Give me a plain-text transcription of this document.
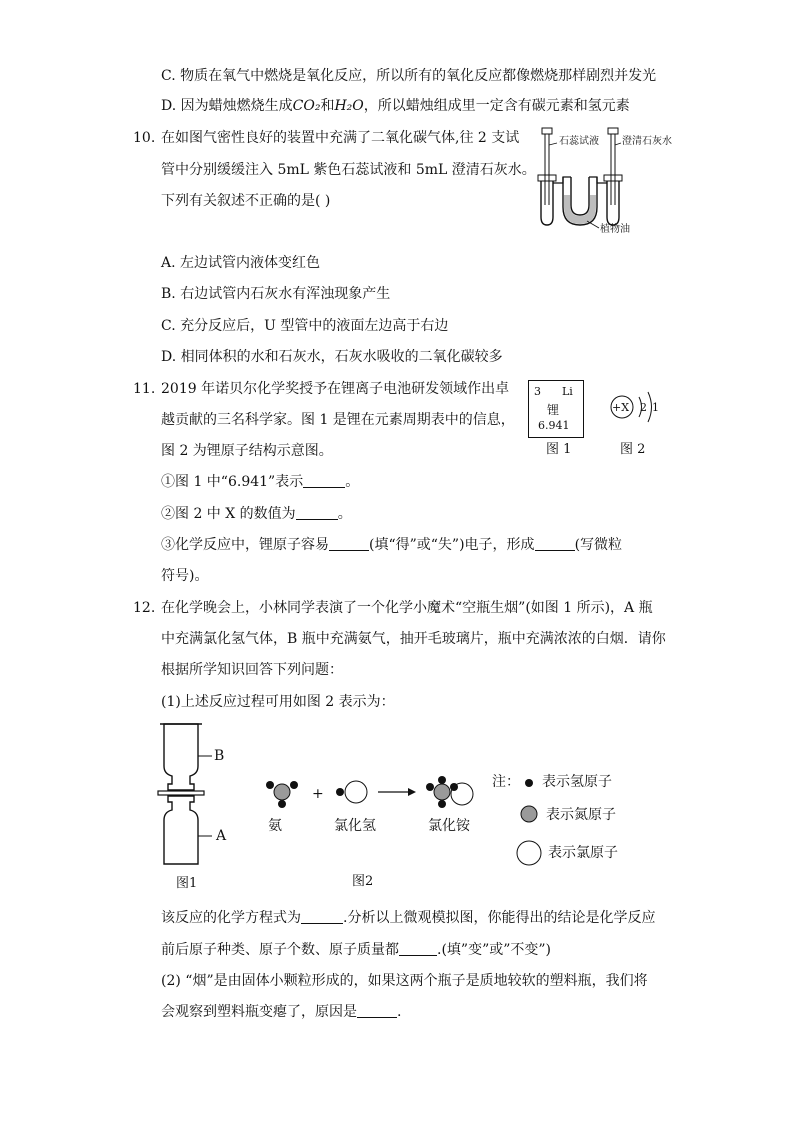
C. 物质在氧气中燃烧是氧化反应，所以所有的氧化反应都像燃烧那样剧烈并发光
D. 因为蜡烛燃烧生成CO₂和H₂O，所以蜡烛组成里一定含有碳元素和氢元素
10. 在如图气密性良好的装置中充满了二氧化碳气体,往 2 支试
管中分别缓缓注入 5mL 紫色石蕊试液和 5mL 澄清石灰水。
下列有关叙述不正确的是( )
石蕊试液 澄清石灰水
植物油
A. 左边试管内液体变红色
B. 右边试管内石灰水有浑浊现象产生
C. 充分反应后，U 型管中的液面左边高于右边
D. 相同体积的水和石灰水，石灰水吸收的二氧化碳较多
11. 2019 年诺贝尔化学奖授予在锂离子电池研发领域作出卓
越贡献的三名科学家。图 1 是锂在元素周期表中的信息，
图 2 为锂原子结构示意图。
3 Li
锂
6.941
图 1
+X 2 1
图 2
①图 1 中“6.941”表示	。
②图 2 中 X 的数值为	。
③化学反应中，锂原子容易	(填“得”或“失”)电子，形成	(写微粒
符号)。
12. 在化学晚会上，小林同学表演了一个化学小魔术“空瓶生烟”(如图 1 所示)，A 瓶
中充满氯化氢气体，B 瓶中充满氨气，抽开毛玻璃片，瓶中充满浓浓的白烟．请你
根据所学知识回答下列问题：
(1)上述反应过程可用如图 2 表示为：
B
A
图1
+
氨	氯化氢	氯化铵
图2
注： 表示氢原子
表示氮原子
表示氯原子
该反应的化学方程式为	.分析以上微观模拟图，你能得出的结论是化学反应
前后原子种类、原子个数、原子质量都	.(填”变”或”不变”)
(2) “烟”是由固体小颗粒形成的，如果这两个瓶子是质地较软的塑料瓶，我们将
会观察到塑料瓶变瘪了，原因是	.
